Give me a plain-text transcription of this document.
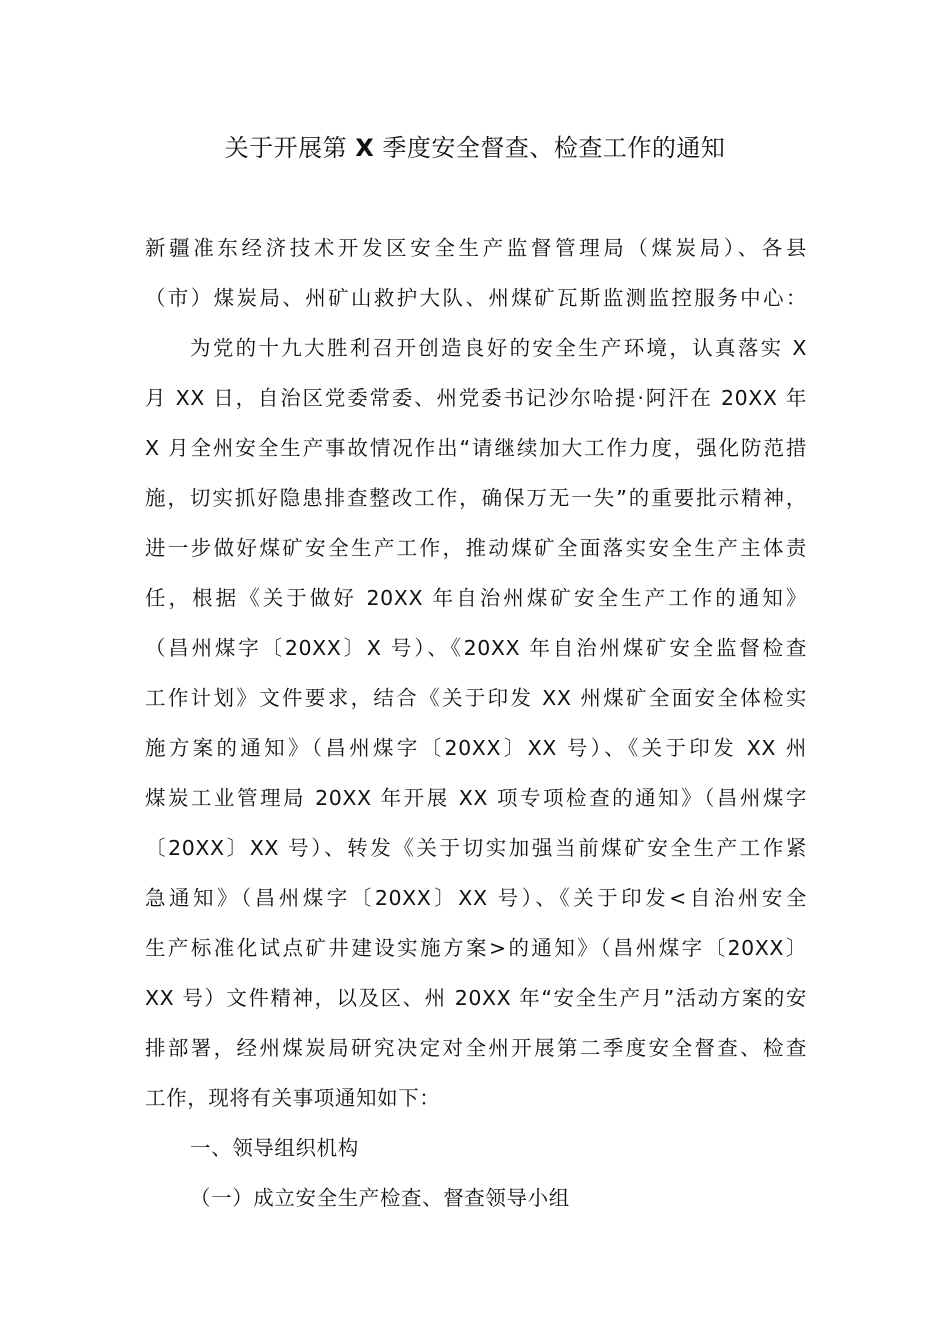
关于开展第 X 季度安全督查、检查工作的通知
新疆准东经济技术开发区安全生产监督管理局（煤炭局）、各县
（市）煤炭局、州矿山救护大队、州煤矿瓦斯监测监控服务中心：
为党的十九大胜利召开创造良好的安全生产环境，认真落实 X
月 XX 日，自治区党委常委、州党委书记沙尔哈提·阿汗在 20XX 年
X 月全州安全生产事故情况作出“请继续加大工作力度，强化防范措
施，切实抓好隐患排查整改工作，确保万无一失”的重要批示精神，
进一步做好煤矿安全生产工作，推动煤矿全面落实安全生产主体责
任，根据《关于做好 20XX 年自治州煤矿安全生产工作的通知》
（昌州煤字〔20XX〕X 号）、《20XX 年自治州煤矿安全监督检查
工作计划》文件要求，结合《关于印发 XX 州煤矿全面安全体检实
施方案的通知》（昌州煤字〔20XX〕XX 号）、《关于印发 XX 州
煤炭工业管理局 20XX 年开展 XX 项专项检查的通知》（昌州煤字
〔20XX〕XX 号）、转发《关于切实加强当前煤矿安全生产工作紧
急通知》（昌州煤字〔20XX〕XX 号）、《关于印发<自治州安全
生产标准化试点矿井建设实施方案>的通知》（昌州煤字〔20XX〕
XX 号）文件精神，以及区、州 20XX 年“安全生产月”活动方案的安
排部署，经州煤炭局研究决定对全州开展第二季度安全督查、检查
工作，现将有关事项通知如下：
一、领导组织机构
（一）成立安全生产检查、督查领导小组
